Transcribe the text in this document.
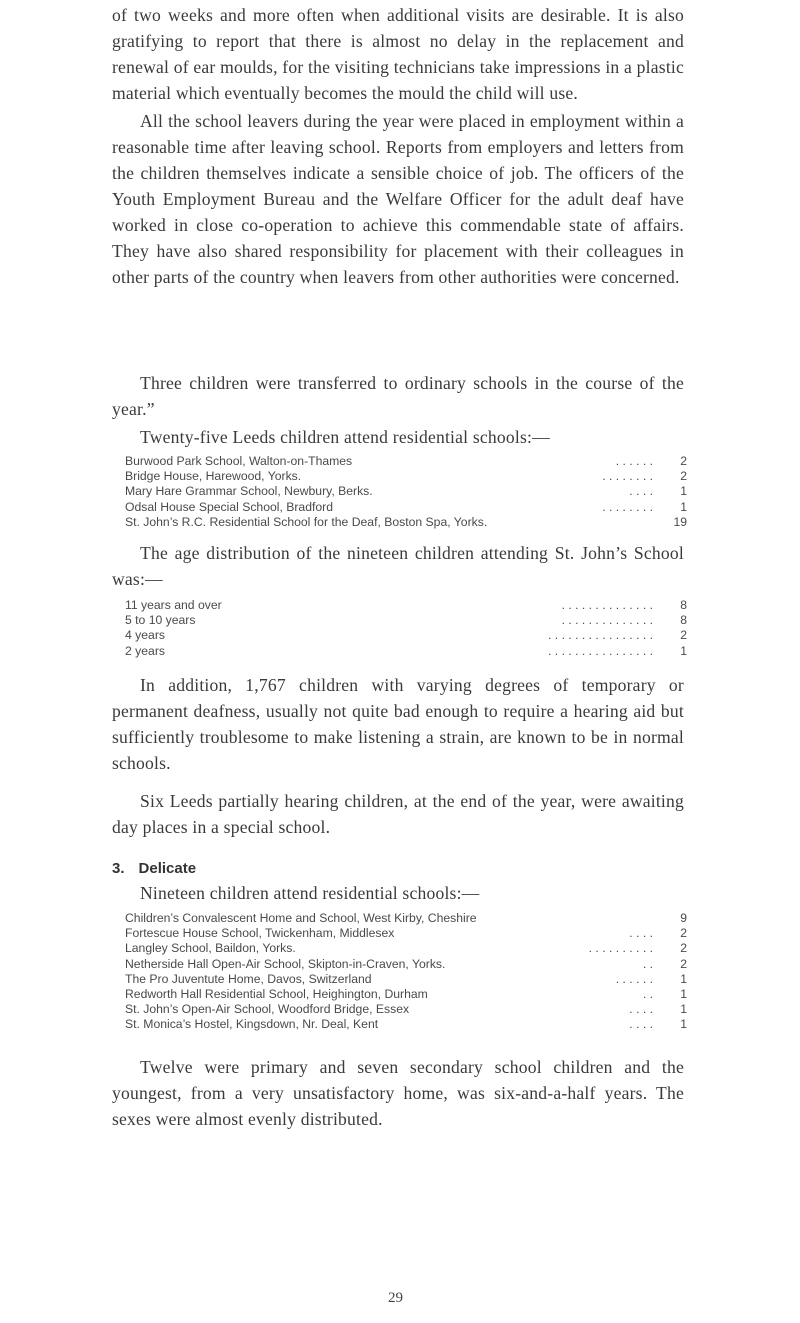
of two weeks and more often when additional visits are desirable. It is also gratifying to report that there is almost no delay in the replacement and renewal of ear moulds, for the visiting technicians take impressions in a plastic material which eventually becomes the mould the child will use.

All the school leavers during the year were placed in employment within a reasonable time after leaving school. Reports from employers and letters from the children themselves indicate a sensible choice of job. The officers of the Youth Employment Bureau and the Welfare Officer for the adult deaf have worked in close co-operation to achieve this commendable state of affairs. They have also shared responsibility for placement with their colleagues in other parts of the country when leavers from other authorities were concerned.

Three children were transferred to ordinary schools in the course of the year.”

Twenty-five Leeds children attend residential schools:—

Burwood Park School, Walton-on-Thames	. . . . . .	2
Bridge House, Harewood, Yorks.	. . . . . . . .	2
Mary Hare Grammar School, Newbury, Berks.	. . . .	1
Odsal House Special School, Bradford	. . . . . . . .	1
St. John’s R.C. Residential School for the Deaf, Boston Spa, Yorks.	19

The age distribution of the nineteen children attending St. John’s School was:—

11 years and over	. . . . . . . . . . . . . .	8
5 to 10 years	. . . . . . . . . . . . . .	8
4 years	. . . . . . . . . . . . . . . .	2
2 years	. . . . . . . . . . . . . . . .	1

In addition, 1,767 children with varying degrees of temporary or permanent deafness, usually not quite bad enough to require a hearing aid but sufficiently troublesome to make listening a strain, are known to be in normal schools.

Six Leeds partially hearing children, at the end of the year, were awaiting day places in a special school.

3. Delicate

Nineteen children attend residential schools:—

Children’s Convalescent Home and School, West Kirby, Cheshire	9
Fortescue House School, Twickenham, Middlesex	. . . .	2
Langley School, Baildon, Yorks.	. . . . . . . . . .	2
Netherside Hall Open-Air School, Skipton-in-Craven, Yorks.	. .	2
The Pro Juventute Home, Davos, Switzerland	. . . . . .	1
Redworth Hall Residential School, Heighington, Durham	. .	1
St. John’s Open-Air School, Woodford Bridge, Essex	. . . .	1
St. Monica’s Hostel, Kingsdown, Nr. Deal, Kent	. . . .	1

Twelve were primary and seven secondary school children and the youngest, from a very unsatisfactory home, was six-and-a-half years. The sexes were almost evenly distributed.

29
